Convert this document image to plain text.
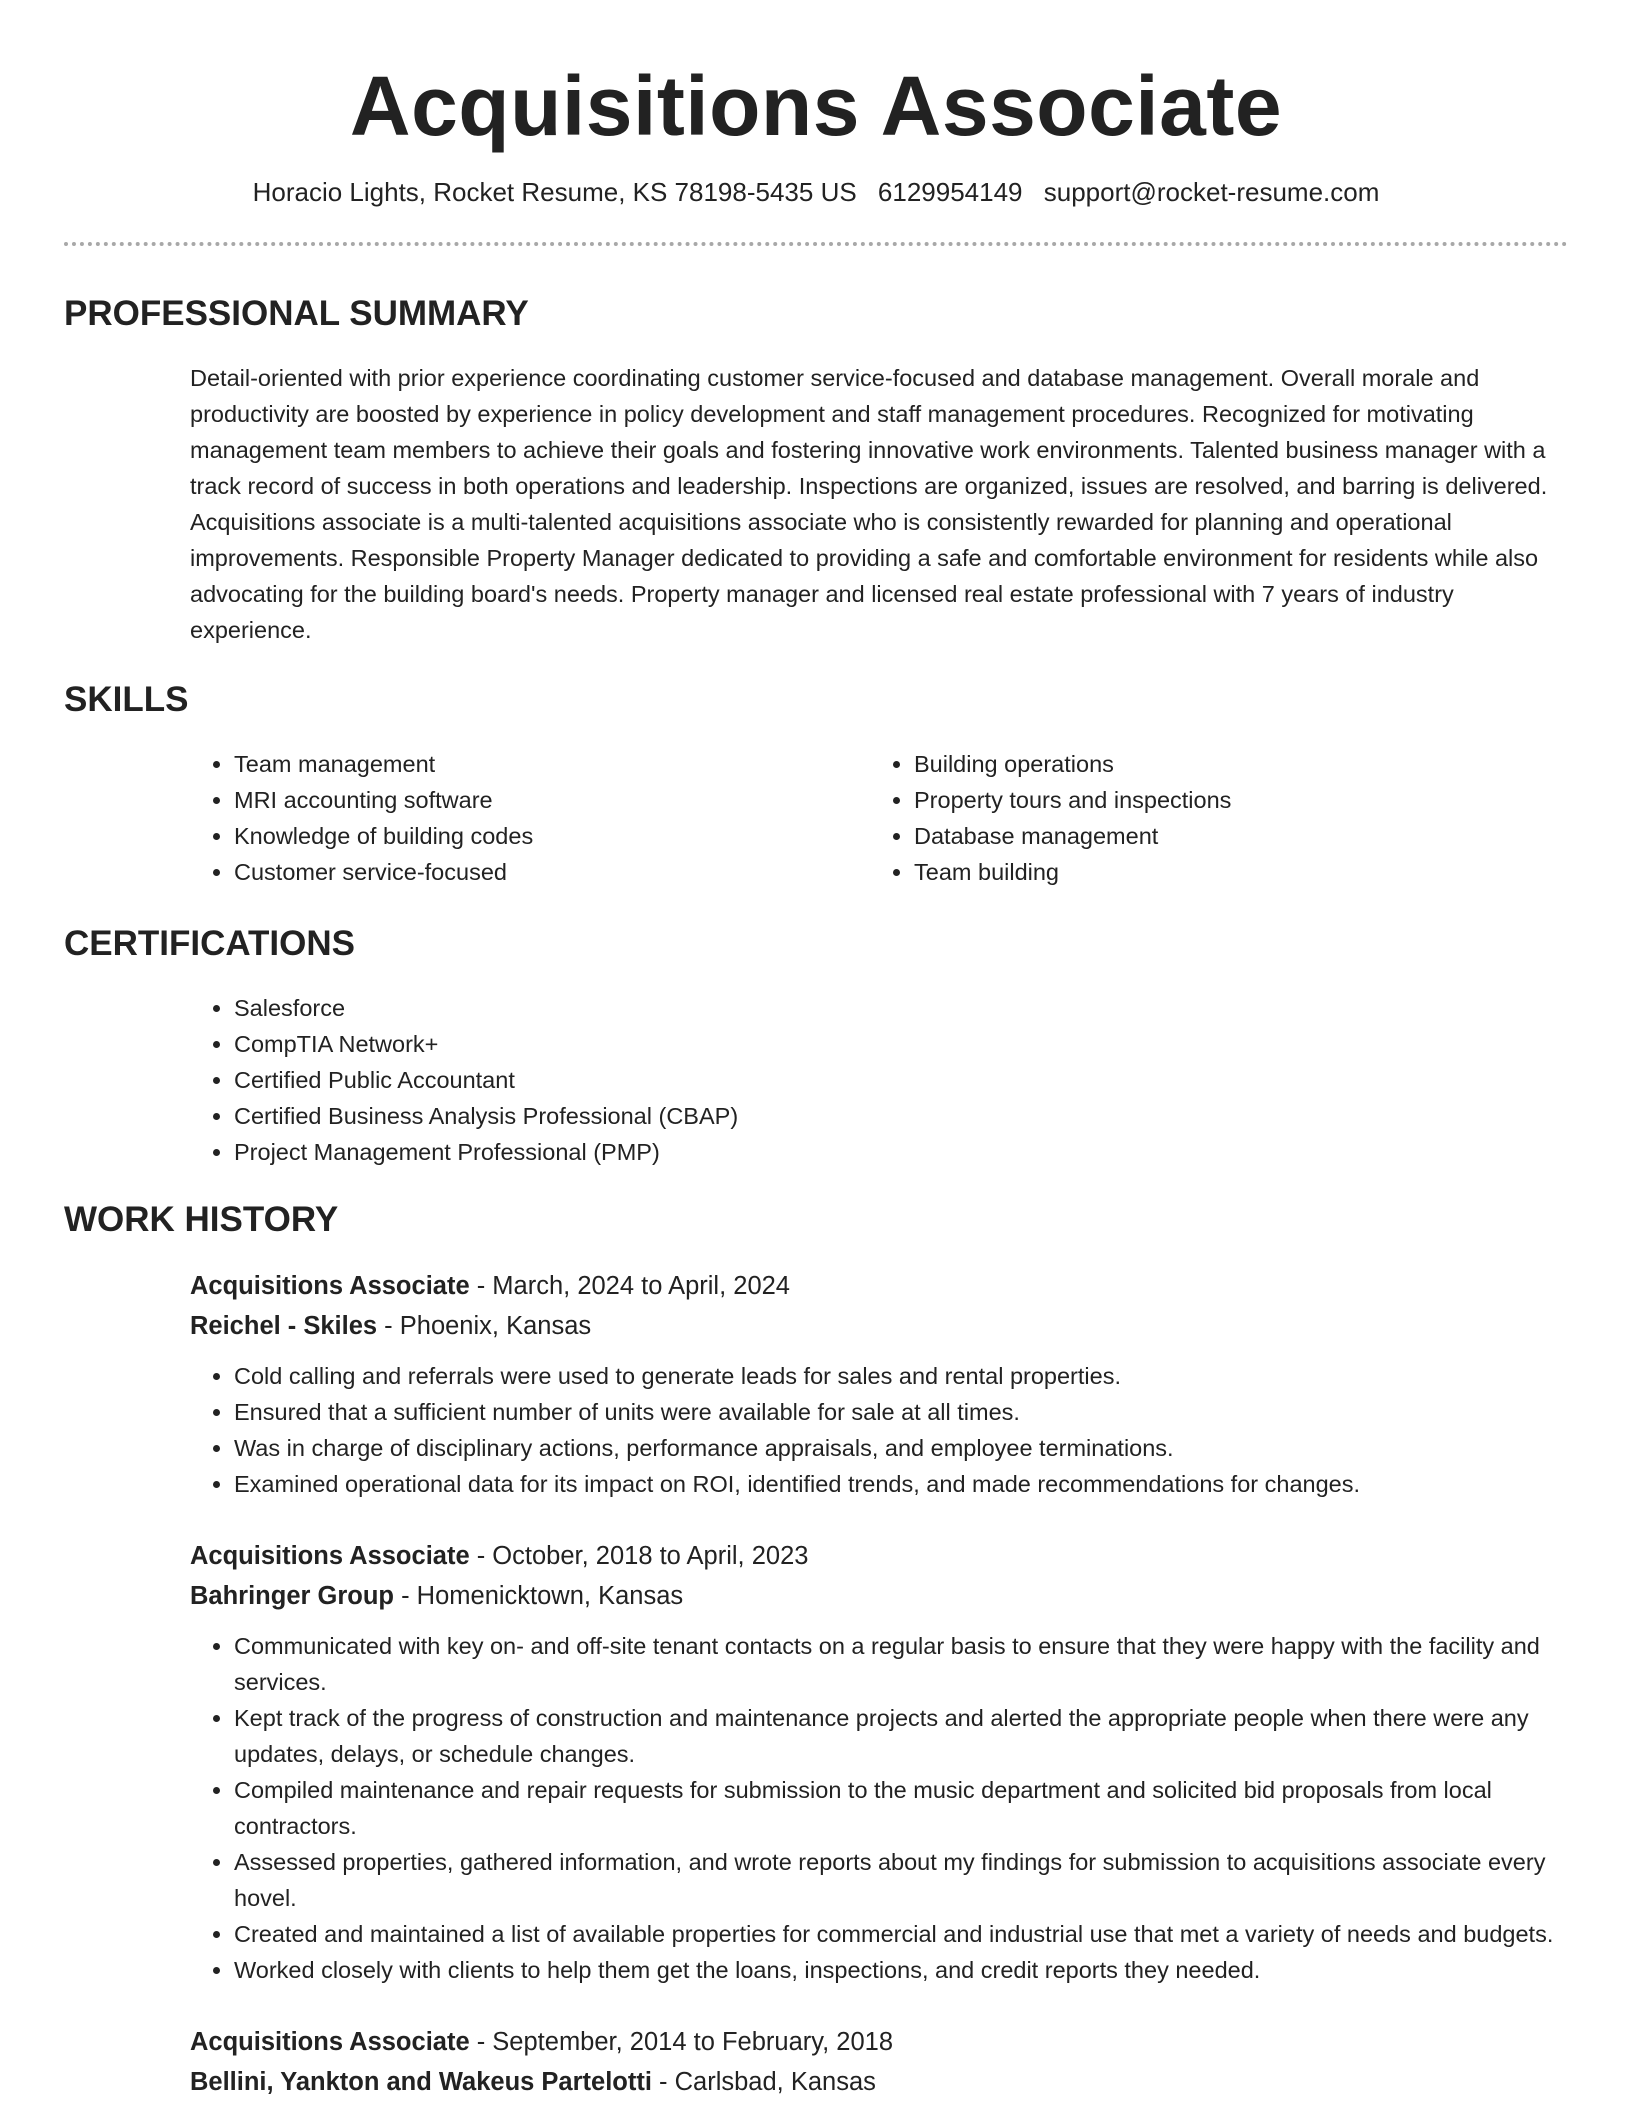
Acquisitions Associate
Horacio Lights, Rocket Resume, KS 78198-5435 US 6129954149 support@rocket-resume.com
PROFESSIONAL SUMMARY

Detail-oriented with prior experience coordinating customer service-focused and database management. Overall morale and productivity are boosted by experience in policy development and staff management procedures. Recognized for motivating management team members to achieve their goals and fostering innovative work environments. Talented business manager with a track record of success in both operations and leadership. Inspections are organized, issues are resolved, and barring is delivered. Acquisitions associate is a multi-talented acquisitions associate who is consistently rewarded for planning and operational improvements. Responsible Property Manager dedicated to providing a safe and comfortable environment for residents while also advocating for the building board's needs. Property manager and licensed real estate professional with 7 years of industry experience.

SKILLS
• Team management
• MRI accounting software
• Knowledge of building codes
• Customer service-focused
• Building operations
• Property tours and inspections
• Database management
• Team building
CERTIFICATIONS
• Salesforce
• CompTIA Network+
• Certified Public Accountant
• Certified Business Analysis Professional (CBAP)
• Project Management Professional (PMP)
WORK HISTORY

Acquisitions Associate - March, 2024 to April, 2024

Reichel - Skiles - Phoenix, Kansas

• Cold calling and referrals were used to generate leads for sales and rental properties.
• Ensured that a sufficient number of units were available for sale at all times.
• Was in charge of disciplinary actions, performance appraisals, and employee terminations.
• Examined operational data for its impact on ROI, identified trends, and made recommendations for changes.

Acquisitions Associate - October, 2018 to April, 2023

Bahringer Group - Homenicktown, Kansas

• Communicated with key on- and off-site tenant contacts on a regular basis to ensure that they were happy with the facility and services.
• Kept track of the progress of construction and maintenance projects and alerted the appropriate people when there were any updates, delays, or schedule changes.
• Compiled maintenance and repair requests for submission to the music department and solicited bid proposals from local contractors.
• Assessed properties, gathered information, and wrote reports about my findings for submission to acquisitions associate every hovel.
• Created and maintained a list of available properties for commercial and industrial use that met a variety of needs and budgets.
• Worked closely with clients to help them get the loans, inspections, and credit reports they needed.

Acquisitions Associate - September, 2014 to February, 2018

Bellini, Yankton and Wakeus Partelotti - Carlsbad, Kansas
